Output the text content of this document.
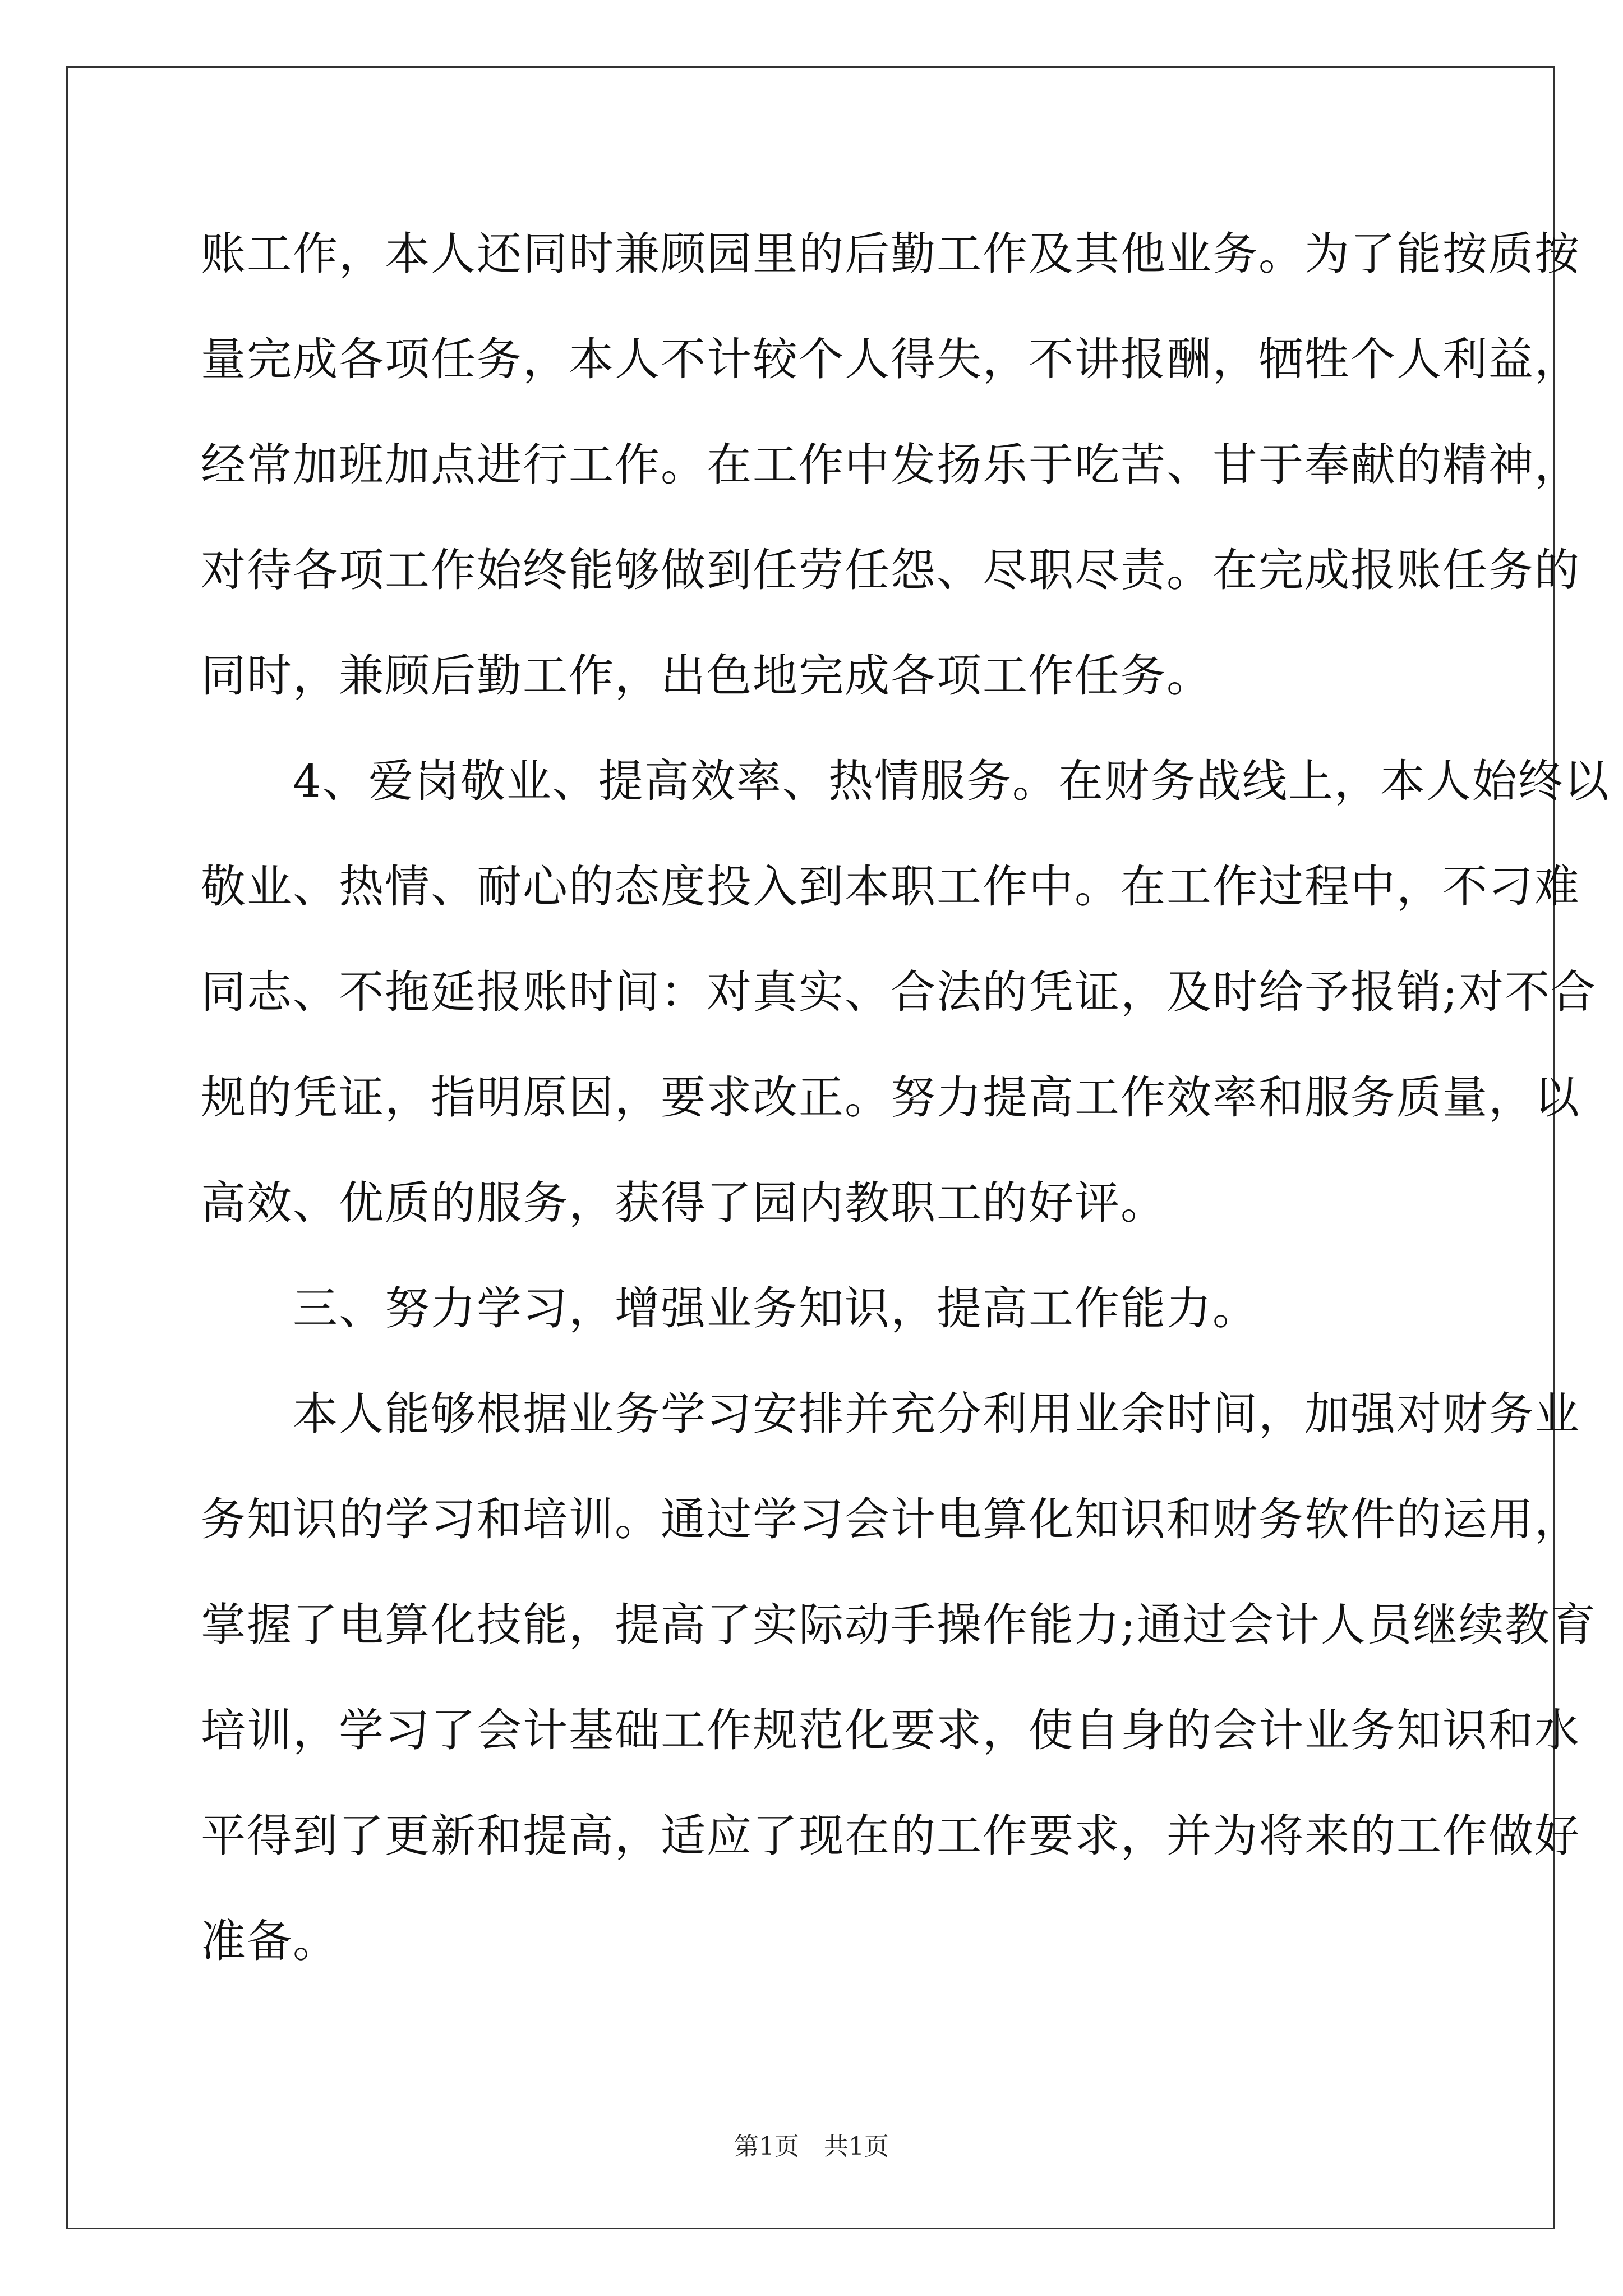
账工作，本人还同时兼顾园里的后勤工作及其他业务。为了能按质按
量完成各项任务，本人不计较个人得失，不讲报酬，牺牲个人利益，
经常加班加点进行工作。在工作中发扬乐于吃苦、甘于奉献的精神，
对待各项工作始终能够做到任劳任怨、尽职尽责。在完成报账任务的
同时，兼顾后勤工作，出色地完成各项工作任务。
　　4、爱岗敬业、提高效率、热情服务。在财务战线上，本人始终以
敬业、热情、耐心的态度投入到本职工作中。在工作过程中，不刁难
同志、不拖延报账时间：对真实、合法的凭证，及时给予报销;对不合
规的凭证，指明原因，要求改正。努力提高工作效率和服务质量，以
高效、优质的服务，获得了园内教职工的好评。
　　三、努力学习，增强业务知识，提高工作能力。
　　本人能够根据业务学习安排并充分利用业余时间，加强对财务业
务知识的学习和培训。通过学习会计电算化知识和财务软件的运用，
掌握了电算化技能，提高了实际动手操作能力;通过会计人员继续教育
培训，学习了会计基础工作规范化要求，使自身的会计业务知识和水
平得到了更新和提高，适应了现在的工作要求，并为将来的工作做好
准备。
第1页　共1页
